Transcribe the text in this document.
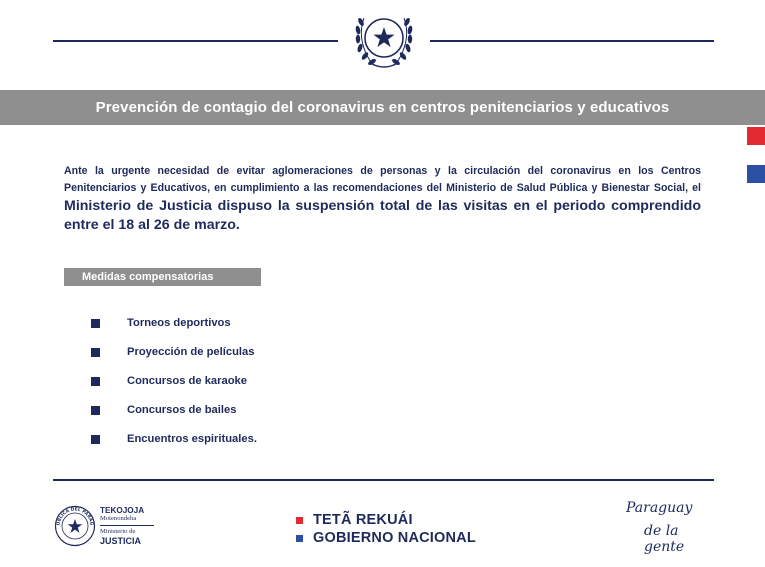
Prevención de contagio del coronavirus en centros penitenciarios y educativos

Ante la urgente necesidad de evitar aglomeraciones de personas y la circulación del coronavirus en los Centros Penitenciarios y Educativos, en cumplimiento a las recomendaciones del Ministerio de Salud Pública y Bienestar Social, el Ministerio de Justicia dispuso la suspensión total de las visitas en el periodo comprendido entre el 18 al 26 de marzo.

Medidas compensatorias
Torneos deportivos
Proyección de películas
Concursos de karaoke
Concursos de bailes
Encuentros espirituales.
UBLICA DEL PARAG
TEKOJOJA
Motenondeha
Ministerio de
JUSTICIA
TETÃ REKUÁI
GOBIERNO NACIONAL
Paraguay
de la gente
